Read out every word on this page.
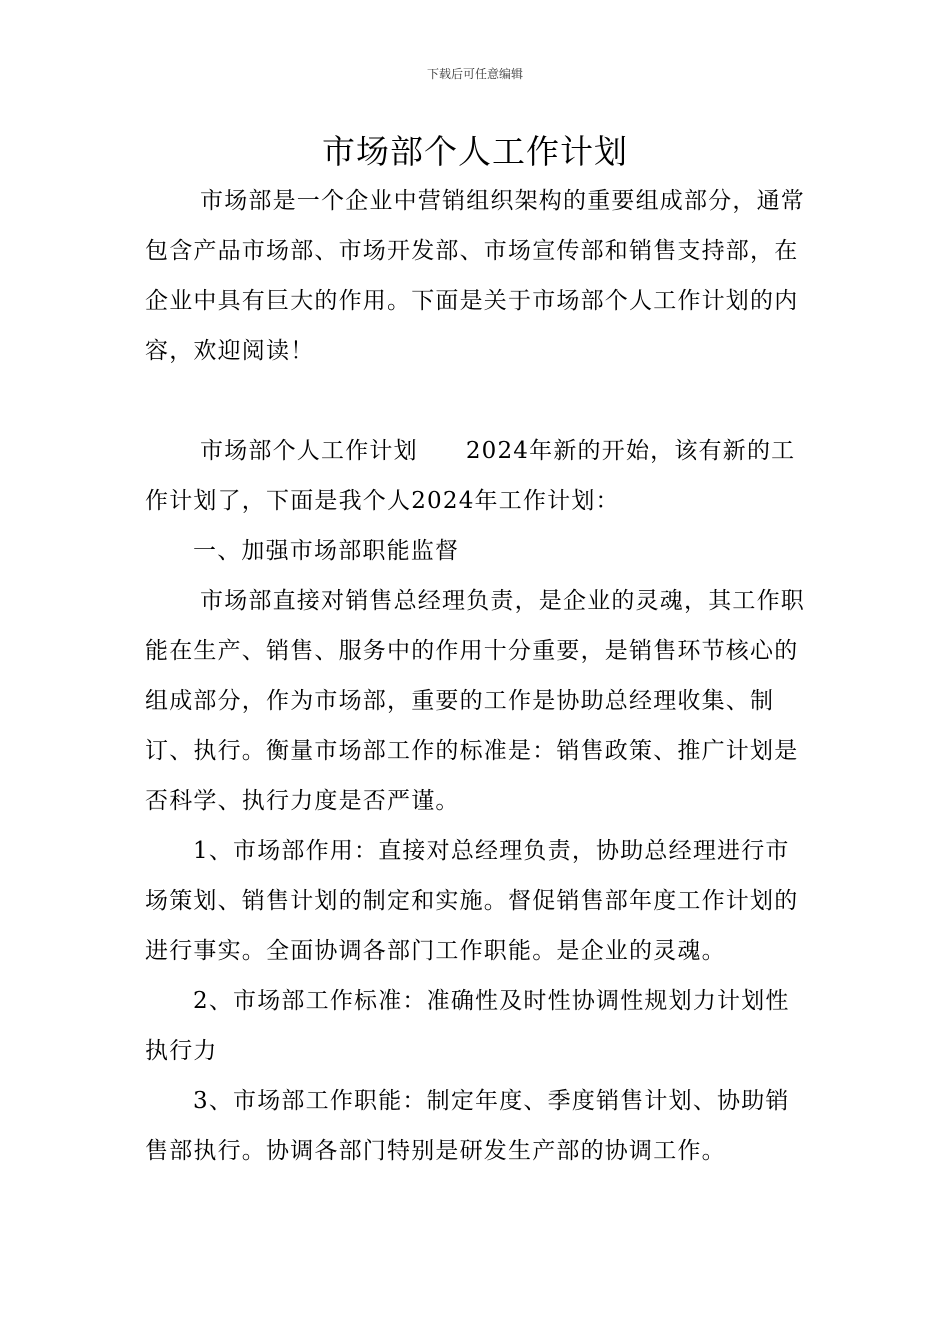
下载后可任意编辑
市场部个人工作计划

市场部是一个企业中营销组织架构的重要组成部分，通常包含产品市场部、市场开发部、市场宣传部和销售支持部，在企业中具有巨大的作用。下面是关于市场部个人工作计划的内容，欢迎阅读！

市场部个人工作计划 2024年新的开始，该有新的工作计划了，下面是我个人2024年工作计划：

一、加强市场部职能监督

市场部直接对销售总经理负责，是企业的灵魂，其工作职能在生产、销售、服务中的作用十分重要，是销售环节核心的组成部分，作为市场部，重要的工作是协助总经理收集、制订、执行。衡量市场部工作的标准是：销售政策、推广计划是否科学、执行力度是否严谨。

1、市场部作用：直接对总经理负责，协助总经理进行市场策划、销售计划的制定和实施。督促销售部年度工作计划的进行事实。全面协调各部门工作职能。是企业的灵魂。

2、市场部工作标准：准确性及时性协调性规划力计划性执行力

3、市场部工作职能：制定年度、季度销售计划、协助销售部执行。协调各部门特别是研发生产部的协调工作。
